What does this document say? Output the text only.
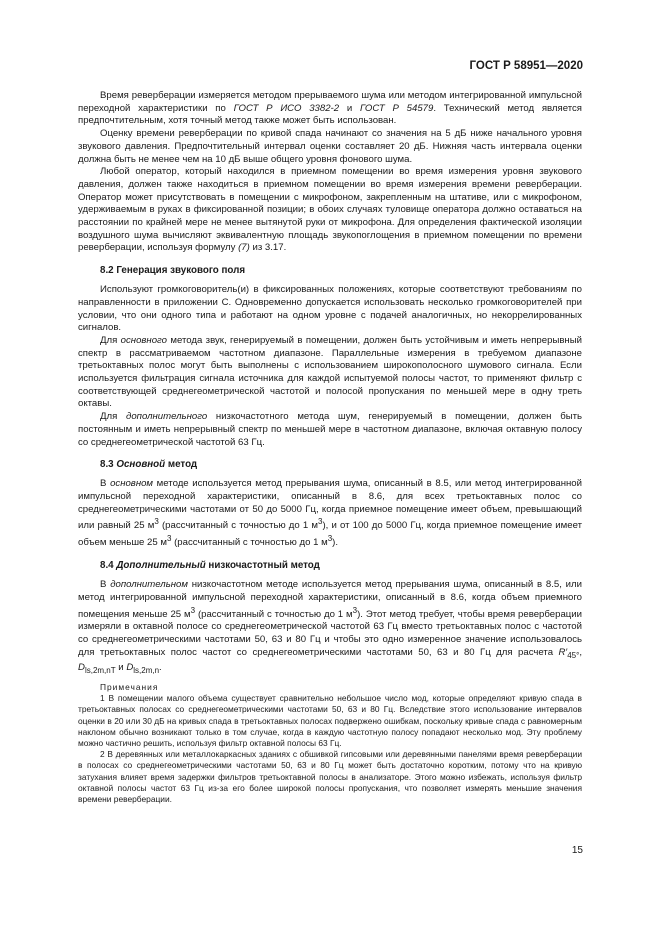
ГОСТ Р 58951—2020

Время реверберации измеряется методом прерываемого шума или методом интегрированной импульсной переходной характеристики по ГОСТ Р ИСО 3382-2 и ГОСТ Р 54579. Технический метод является предпочтительным, хотя точный метод также может быть использован.

Оценку времени реверберации по кривой спада начинают со значения на 5 дБ ниже начального уровня звукового давления. Предпочтительный интервал оценки составляет 20 дБ. Нижняя часть интервала оценки должна быть не менее чем на 10 дБ выше общего уровня фонового шума.

Любой оператор, который находился в приемном помещении во время измерения уровня звукового давления, должен также находиться в приемном помещении во время измерения времени реверберации. Оператор может присутствовать в помещении с микрофоном, закрепленным на штативе, или с микрофоном, удерживаемым в руках в фиксированной позиции; в обоих случаях туловище оператора должно оставаться на расстоянии по крайней мере не менее вытянутой руки от микрофона. Для определения фактической изоляции воздушного шума вычисляют эквивалентную площадь звукопоглощения в приемном помещении по времени реверберации, используя формулу (7) из 3.17.

8.2 Генерация звукового поля

Используют громкоговоритель(и) в фиксированных положениях, которые соответствуют требованиям по направленности в приложении С. Одновременно допускается использовать несколько громкоговорителей при условии, что они одного типа и работают на одном уровне с подачей аналогичных, но некоррелированных сигналов.

Для основного метода звук, генерируемый в помещении, должен быть устойчивым и иметь непрерывный спектр в рассматриваемом частотном диапазоне. Параллельные измерения в требуемом диапазоне третьоктавных полос могут быть выполнены с использованием широкополосного шумового сигнала. Если используется фильтрация сигнала источника для каждой испытуемой полосы частот, то применяют фильтр с соответствующей среднегеометрической частотой и полосой пропускания по меньшей мере в одну треть октавы.

Для дополнительного низкочастотного метода шум, генерируемый в помещении, должен быть постоянным и иметь непрерывный спектр по меньшей мере в частотном диапазоне, включая октавную полосу со среднегеометрической частотой 63 Гц.

8.3 Основной метод

В основном методе используется метод прерывания шума, описанный в 8.5, или метод интегрированной импульсной переходной характеристики, описанный в 8.6, для всех третьоктавных полос со среднегеометрическими частотами от 50 до 5000 Гц, когда приемное помещение имеет объем, превышающий или равный 25 $м^3$ (рассчитанный с точностью до 1 $м^3$), и от 100 до 5000 Гц, когда приемное помещение имеет объем меньше 25 $м^3$ (рассчитанный с точностью до 1 $м^3$).

8.4 Дополнительный низкочастотный метод

В дополнительном низкочастотном методе используется метод прерывания шума, описанный в 8.5, или метод интегрированной импульсной переходной характеристики, описанный в 8.6, когда объем приемного помещения меньше 25 $м^3$ (рассчитанный с точностью до 1 $м^3$). Этот метод требует, чтобы время реверберации измеряли в октавной полосе со среднегеометрической частотой 63 Гц вместо третьоктавных полос с частотой со среднегеометрическими частотами 50, 63 и 80 Гц и чтобы это одно измеренное значение использовалось для третьоктавных полос частот со среднегеометрическими частотами 50, 63 и 80 Гц для расчета $R'_{45^\circ}$, $D_{ls,2m,nT}$ и $D_{ls,2m,n}$.

Примечания

1 В помещении малого объема существует сравнительно небольшое число мод, которые определяют кривую спада в третьоктавных полосах со среднегеометрическими частотами 50, 63 и 80 Гц. Вследствие этого использование интервалов оценки в 20 или 30 дБ на кривых спада в третьоктавных полосах подвержено ошибкам, поскольку кривые спада с равномерным наклоном обычно возникают только в том случае, когда в каждую частотную полосу попадают несколько мод. Эту проблему можно частично решить, используя фильтр октавной полосы 63 Гц.

2 В деревянных или металлокаркасных зданиях с обшивкой гипсовыми или деревянными панелями время реверберации в полосах со среднегеометрическими частотами 50, 63 и 80 Гц может быть достаточно коротким, потому что на кривую затухания влияет время задержки фильтров третьоктавной полосы в анализаторе. Этого можно избежать, используя фильтр октавной полосы частот 63 Гц из-за его более широкой полосы пропускания, что позволяет измерять меньшие значения времени реверберации.

15
